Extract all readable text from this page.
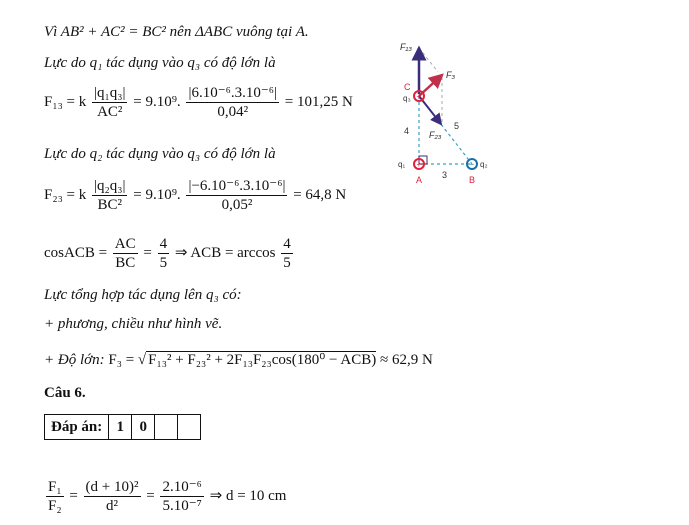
Vì AB² + AC² = BC² nên ΔABC vuông tại A.
Lực do q₁ tác dụng vào q₃ có độ lớn là
F₁₃ = k $\frac{\text{|q₁q₃|}}{\text{AC²}} = 9.10^9$. $\frac{\text{|6.10⁻⁶.3.10⁻⁶|}}{\text{0,04²}} = 101,25$ N
Lực do q₂ tác dụng vào q₃ có độ lớn là
F₂₃ = k $\frac{\text{|q₂q₃|}}{\text{BC²}} = 9.10^9$. $\frac{\text{|−6.10⁻⁶.3.10⁻⁶|}}{\text{0,05²}} = 64,8$ N
cosACB = $\frac{AC}{BC} = \frac{4}{5}$ ⇒ ACB = $\arccos \frac{4}{5}$
Lực tổng hợp tác dụng lên q₃ có:
+ phương, chiều như hình vẽ.
+ Độ lớn: F₃ = √ F₁₃² + F₂₃² + 2F₁₃F₂₃cos(180⁰ − ACB) ≈ 62,9 N
Câu 6.
Đáp án:	1	0		
$\frac{\text{F₁}}{\text{F₂}} = \frac{\text{(d + 10)²}}{\text{d²}} = \frac{\text{2.10⁻⁶}}{\text{5.10⁻⁷}}$ ⇒ d = 10 cm
+
+	−
F₁₃
F₃
F₂₃
C
q₃
4	5
3
q₁
A
q₂
B
